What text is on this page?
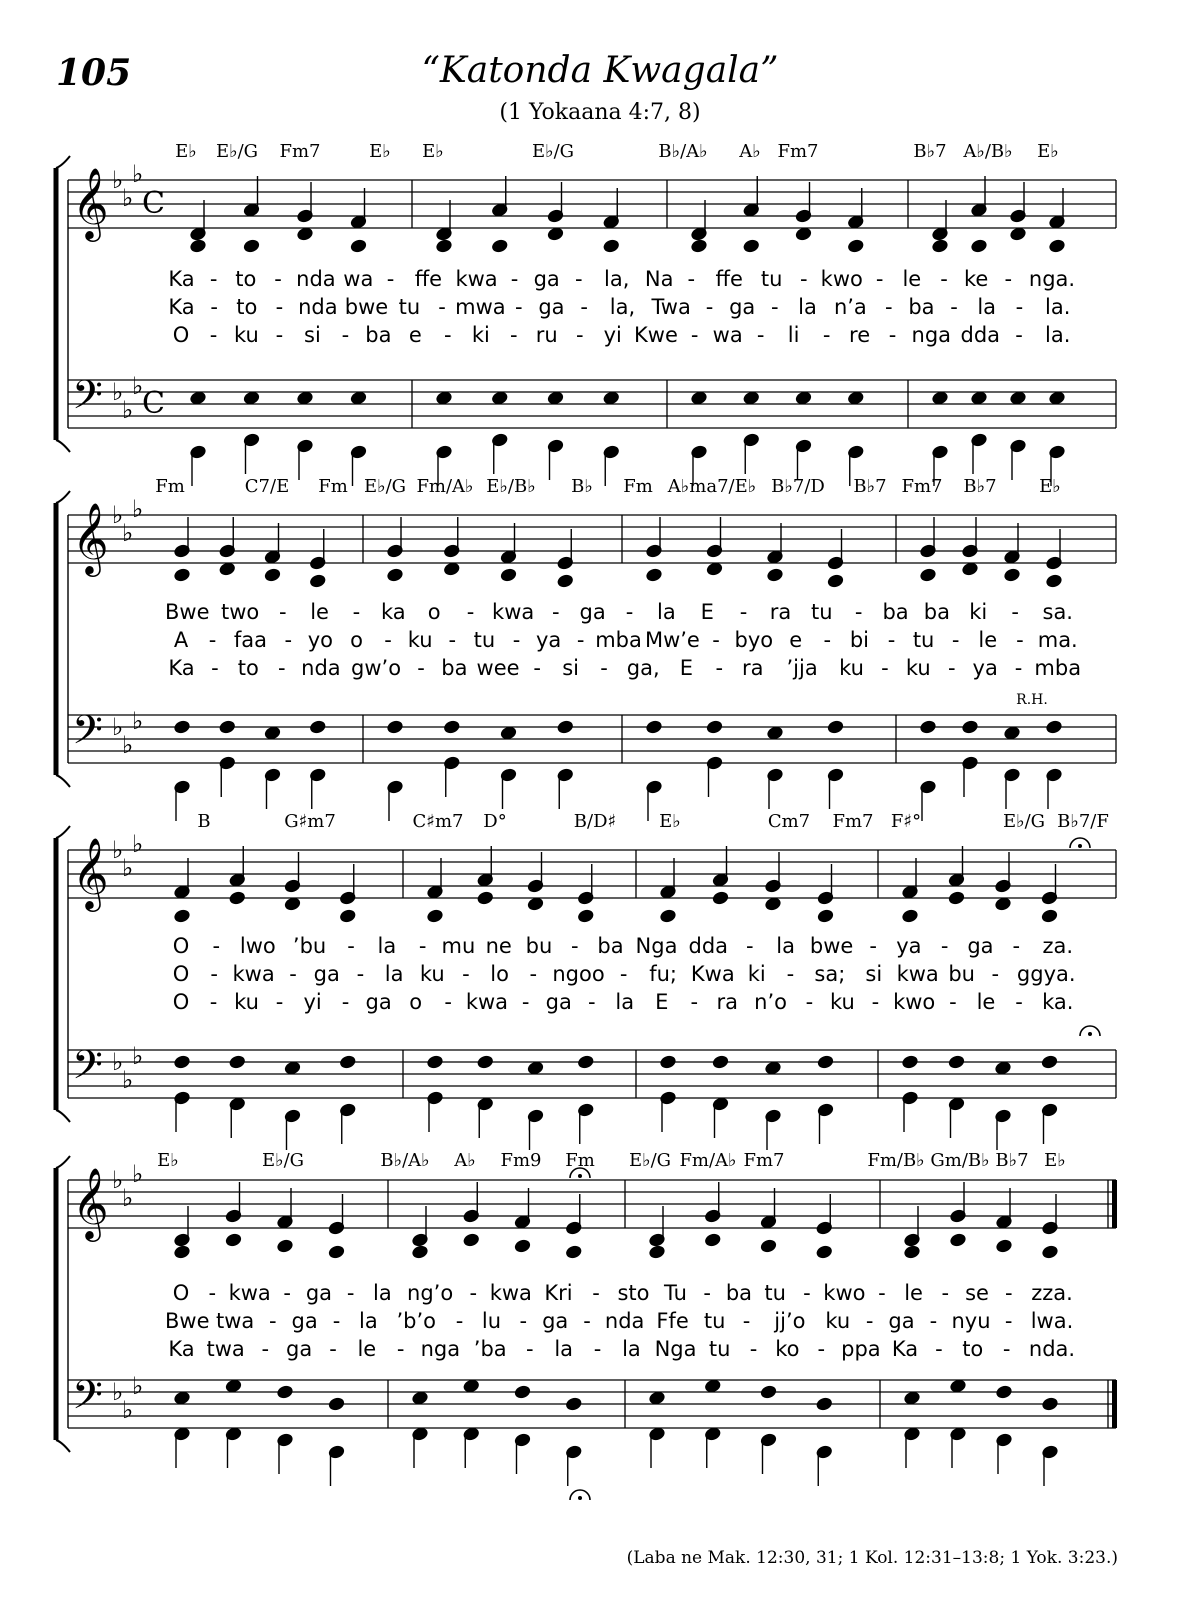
105	“Katonda Kwagala”
(1 Yokaana 4:7, 8)
𝄞
𝄢
♭
♭
♭
♭
♭
♭
C
C
E♭ E♭/G Fm7	E♭ E♭	E♭/G	B♭/A♭ A♭ Fm7	B♭7 A♭/B♭ E♭
Ka - to - nda wa - ffe kwa - ga - la, Na - ffe tu - kwo - le - ke - nga.
Ka - to - nda bwe tu - mwa - ga - la, Twa - ga - la n’a - ba - la - la.
O - ku - si - ba e - ki - ru - yi Kwe - wa - li - re - nga dda - la.
𝄞
𝄢
♭
♭
♭
♭
♭
♭
Fm	C7/E Fm E♭/G Fm/A♭ E♭/B♭ B♭ Fm A♭ma7/E♭ B♭7/D B♭7 Fm7 B♭7 E♭
Bwe two - le - ka o - kwa - ga - la E - ra tu - ba ba ki - sa.
A - faa - yo o - ku - tu - ya - mba Mw’e - byo e - bi - tu - le - ma.
Ka - to - nda gw’o - ba wee - si - ga, E - ra ’jja ku - ku - ya - mba
𝄞
𝄢
♭
♭
♭
♭
♭
♭
B	G♯m7	C♯m7 D°	B/D♯ E♭	Cm7 Fm7 F♯°	E♭/G B♭7/F
O - lwo ’bu - la - mu ne bu - ba Nga dda - la bwe - ya - ga - za.
O - kwa - ga - la ku - lo - ngoo - fu; Kwa ki - sa; si kwa bu - ggya.
O - ku - yi - ga o - kwa - ga - la E - ra n’o - ku - kwo - le - ka.
𝄞
𝄢
♭
♭
♭
♭
♭
♭
E♭	E♭/G	B♭/A♭ A♭ Fm9 Fm E♭/G Fm/A♭ Fm7	Fm/B♭ Gm/B♭ B♭7 E♭
O - kwa - ga - la ng’o - kwa Kri - sto Tu - ba tu - kwo - le - se - zza.
Bwe twa - ga - la ’b’o - lu - ga - nda Ffe tu - jj’o ku - ga - nyu - lwa.
Ka twa - ga - le - nga ’ba - la - la Nga tu - ko - ppa Ka - to - nda.
R.H.
(Laba ne Mak. 12:30, 31; 1 Kol. 12:31–13:8; 1 Yok. 3:23.)
